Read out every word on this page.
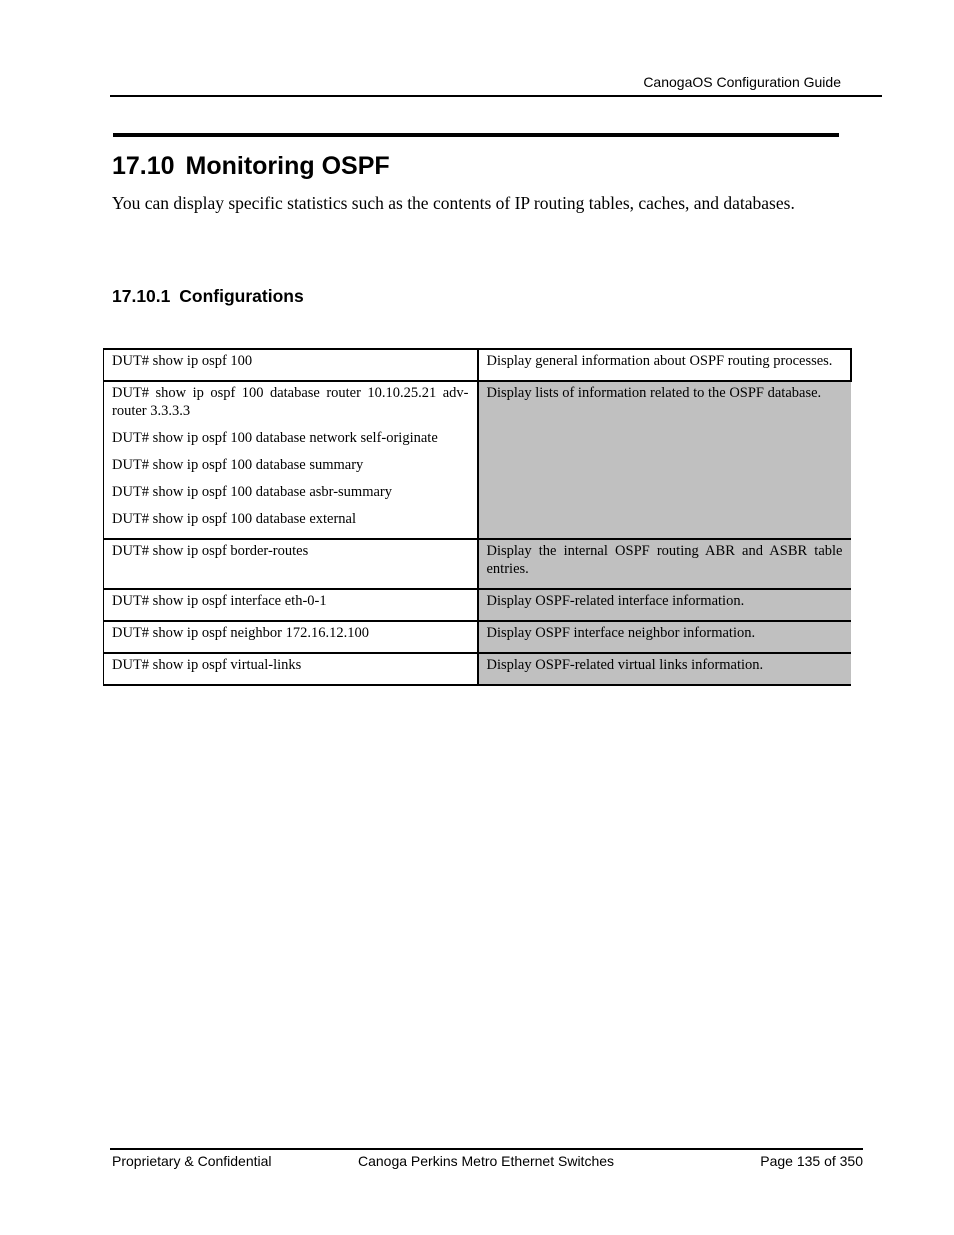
CanogaOS Configuration Guide
17.10 Monitoring OSPF

You can display specific statistics such as the contents of IP routing tables, caches, and databases.

17.10.1 Configurations
DUT# show ip ospf 100	Display general information about OSPF routing processes.

DUT# show ip ospf 100 database router 10.10.25.21 adv-router 3.3.3.3
DUT# show ip ospf 100 database network self-originate
DUT# show ip ospf 100 database summary
DUT# show ip ospf 100 database asbr-summary
DUT# show ip ospf 100 database external	Display lists of information related to the OSPF database.

DUT# show ip ospf border-routes	Display the internal OSPF routing ABR and ASBR table entries.

DUT# show ip ospf interface eth-0-1	Display OSPF-related interface information.

DUT# show ip ospf neighbor 172.16.12.100	Display OSPF interface neighbor information.

DUT# show ip ospf virtual-links	Display OSPF-related virtual links information.
Proprietary & Confidential	Canoga Perkins Metro Ethernet Switches	Page 135 of 350
